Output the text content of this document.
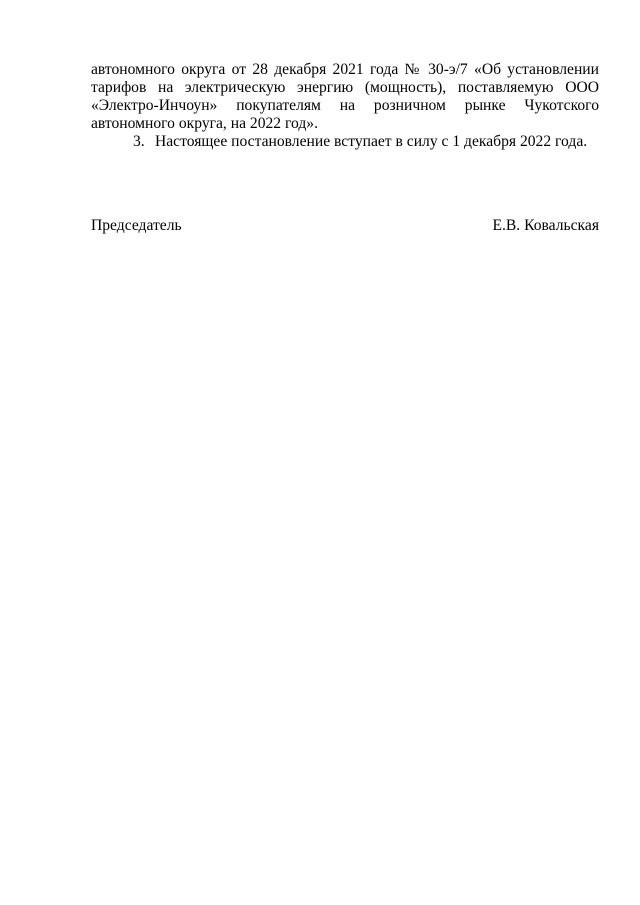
автономного округа от 28 декабря 2021 года № 30-э/7 «Об установлении тарифов на электрическую энергию (мощность), поставляемую ООО «Электро-Инчоун» покупателям на розничном рынке Чукотского автономного округа, на 2022 год».

3. Настоящее постановление вступает в силу с 1 декабря 2022 года.

Председатель	Е.В. Ковальская
